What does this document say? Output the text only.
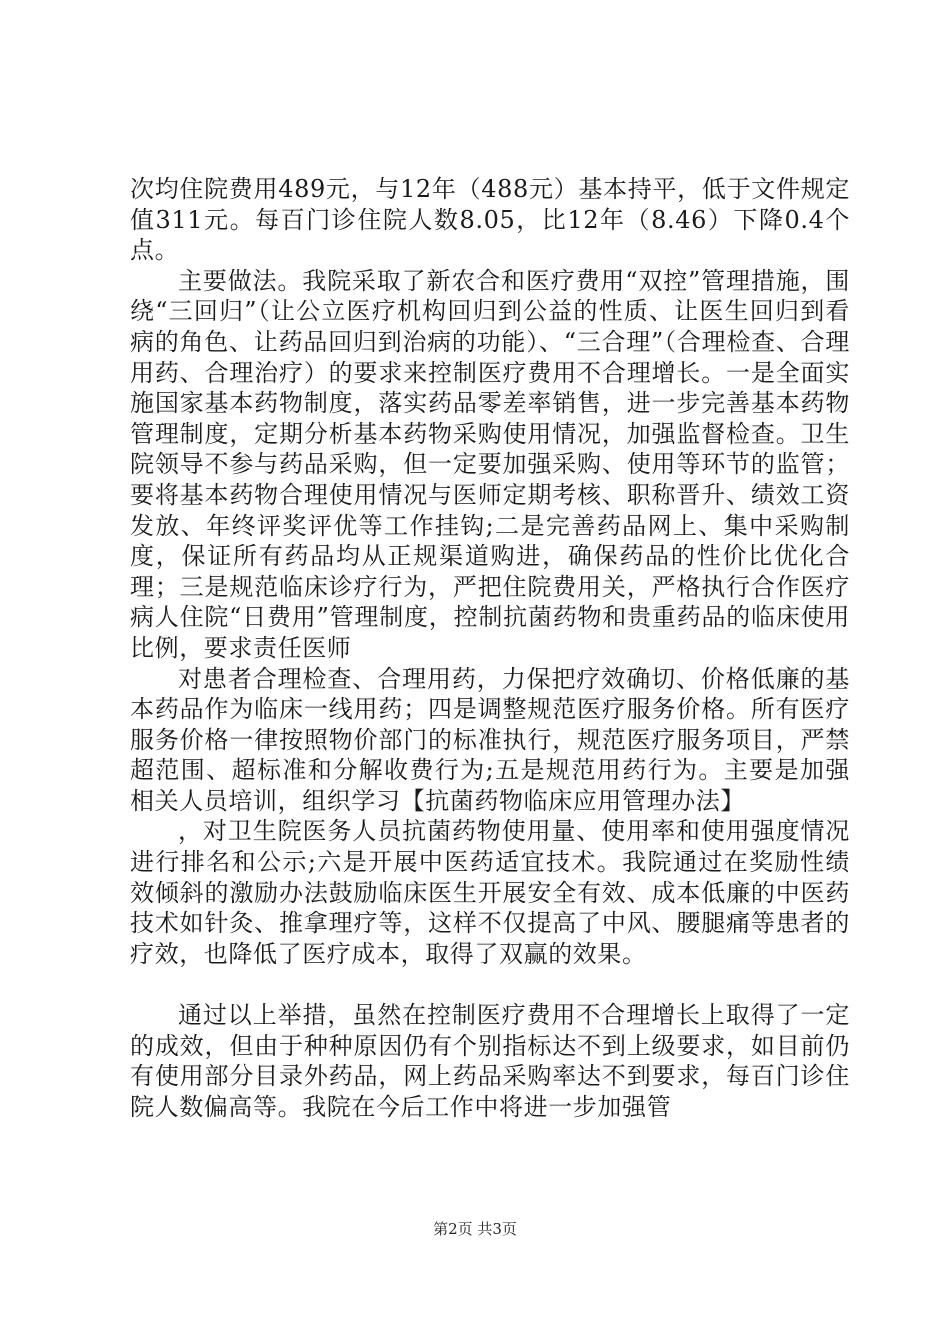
次均住院费用489元，与12年（488元）基本持平，低于文件规定值311元。每百门诊住院人数8.05，比12年（8.46）下降0.4个点。

主要做法。我院采取了新农合和医疗费用“双控”管理措施，围绕“三回归”（让公立医疗机构回归到公益的性质、让医生回归到看病的角色、让药品回归到治病的功能）、“三合理”（合理检查、合理用药、合理治疗）的要求来控制医疗费用不合理增长。一是全面实施国家基本药物制度，落实药品零差率销售，进一步完善基本药物管理制度，定期分析基本药物采购使用情况，加强监督检查。卫生院领导不参与药品采购，但一定要加强采购、使用等环节的监管；要将基本药物合理使用情况与医师定期考核、职称晋升、绩效工资发放、年终评奖评优等工作挂钩;二是完善药品网上、集中采购制度，保证所有药品均从正规渠道购进，确保药品的性价比优化合理；三是规范临床诊疗行为，严把住院费用关，严格执行合作医疗病人住院“日费用”管理制度，控制抗菌药物和贵重药品的临床使用比例，要求责任医师

对患者合理检查、合理用药，力保把疗效确切、价格低廉的基本药品作为临床一线用药；四是调整规范医疗服务价格。所有医疗服务价格一律按照物价部门的标准执行，规范医疗服务项目，严禁超范围、超标准和分解收费行为;五是规范用药行为。主要是加强相关人员培训，组织学习【抗菌药物临床应用管理办法】

，对卫生院医务人员抗菌药物使用量、使用率和使用强度情况进行排名和公示;六是开展中医药适宜技术。我院通过在奖励性绩效倾斜的激励办法鼓励临床医生开展安全有效、成本低廉的中医药技术如针灸、推拿理疗等，这样不仅提高了中风、腰腿痛等患者的疗效，也降低了医疗成本，取得了双赢的效果。

通过以上举措，虽然在控制医疗费用不合理增长上取得了一定的成效，但由于种种原因仍有个别指标达不到上级要求，如目前仍有使用部分目录外药品，网上药品采购率达不到要求，每百门诊住院人数偏高等。我院在今后工作中将进一步加强管

第2页 共3页
